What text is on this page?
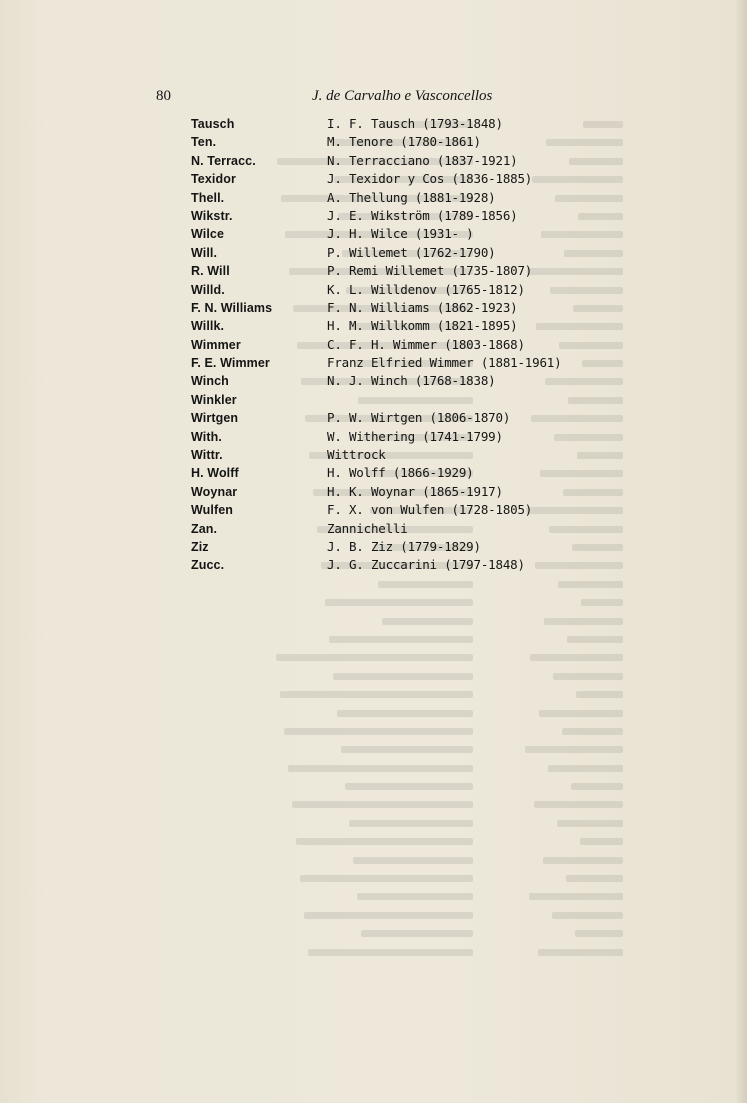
80	J. de Carvalho e Vasconcellos
Tausch	I. F. Tausch (1793-1848)
Ten.	M. Tenore (1780-1861)
N. Terracc.	N. Terracciano (1837-1921)
Texidor	J. Texidor y Cos (1836-1885)
Thell.	A. Thellung (1881-1928)
Wikstr.	J. E. Wikström (1789-1856)
Wilce	J. H. Wilce (1931- )
Will.	P. Willemet (1762-1790)
R. Will	P. Remi Willemet (1735-1807)
Willd.	K. L. Willdenov (1765-1812)
F. N. Williams	F. N. Williams (1862-1923)
Willk.	H. M. Willkomm (1821-1895)
Wimmer	C. F. H. Wimmer (1803-1868)
F. E. Wimmer	Franz Elfried Wimmer (1881-1961)
Winch	N. J. Winch (1768-1838)
Winkler
Wirtgen	P. W. Wirtgen (1806-1870)
With.	W. Withering (1741-1799)
Wittr.	Wittrock
H. Wolff	H. Wolff (1866-1929)
Woynar	H. K. Woynar (1865-1917)
Wulfen	F. X. von Wulfen (1728-1805)
Zan.	Zannichelli
Ziz	J. B. Ziz (1779-1829)
Zucc.	J. G. Zuccarini (1797-1848)
